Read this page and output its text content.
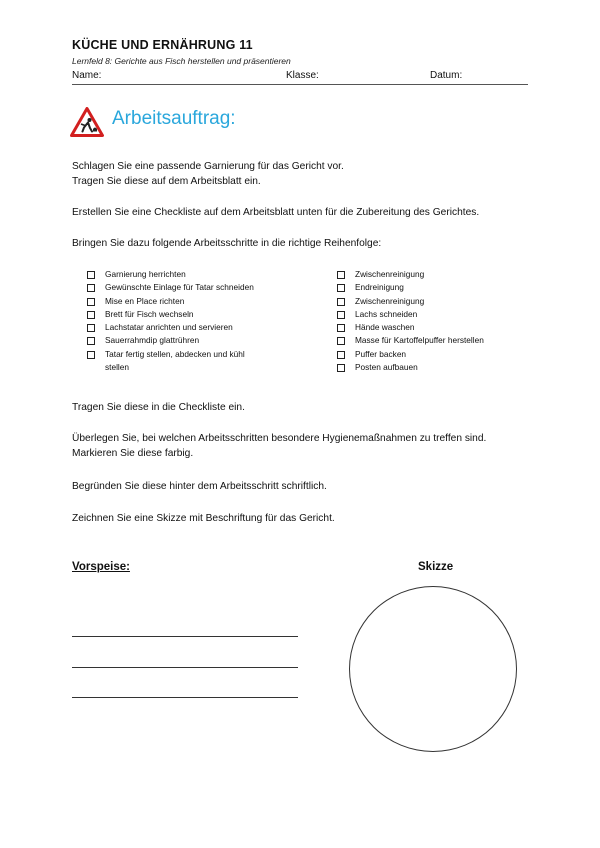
KÜCHE UND ERNÄHRUNG 11
Lernfeld 8: Gerichte aus Fisch herstellen und präsentieren
Name:	Klasse:	Datum:
Arbeitsauftrag:
Schlagen Sie eine passende Garnierung für das Gericht vor.
Tragen Sie diese auf dem Arbeitsblatt ein.
Erstellen Sie eine Checkliste auf dem Arbeitsblatt unten für die Zubereitung des Gerichtes.
Bringen Sie dazu folgende Arbeitsschritte in die richtige Reihenfolge:
Garnierung herrichten
Gewünschte Einlage für Tatar schneiden
Mise en Place richten
Brett für Fisch wechseln
Lachstatar anrichten und servieren
Sauerrahmdip glattrühren
Tatar fertig stellen, abdecken und kühl
stellen
Zwischenreinigung
Endreinigung
Zwischenreinigung
Lachs schneiden
Hände waschen
Masse für Kartoffelpuffer herstellen
Puffer backen
Posten aufbauen
Tragen Sie diese in die Checkliste ein.
Überlegen Sie, bei welchen Arbeitsschritten besondere Hygienemaßnahmen zu treffen sind.
Markieren Sie diese farbig.
Begründen Sie diese hinter dem Arbeitsschritt schriftlich.
Zeichnen Sie eine Skizze mit Beschriftung für das Gericht.
Vorspeise:	Skizze
